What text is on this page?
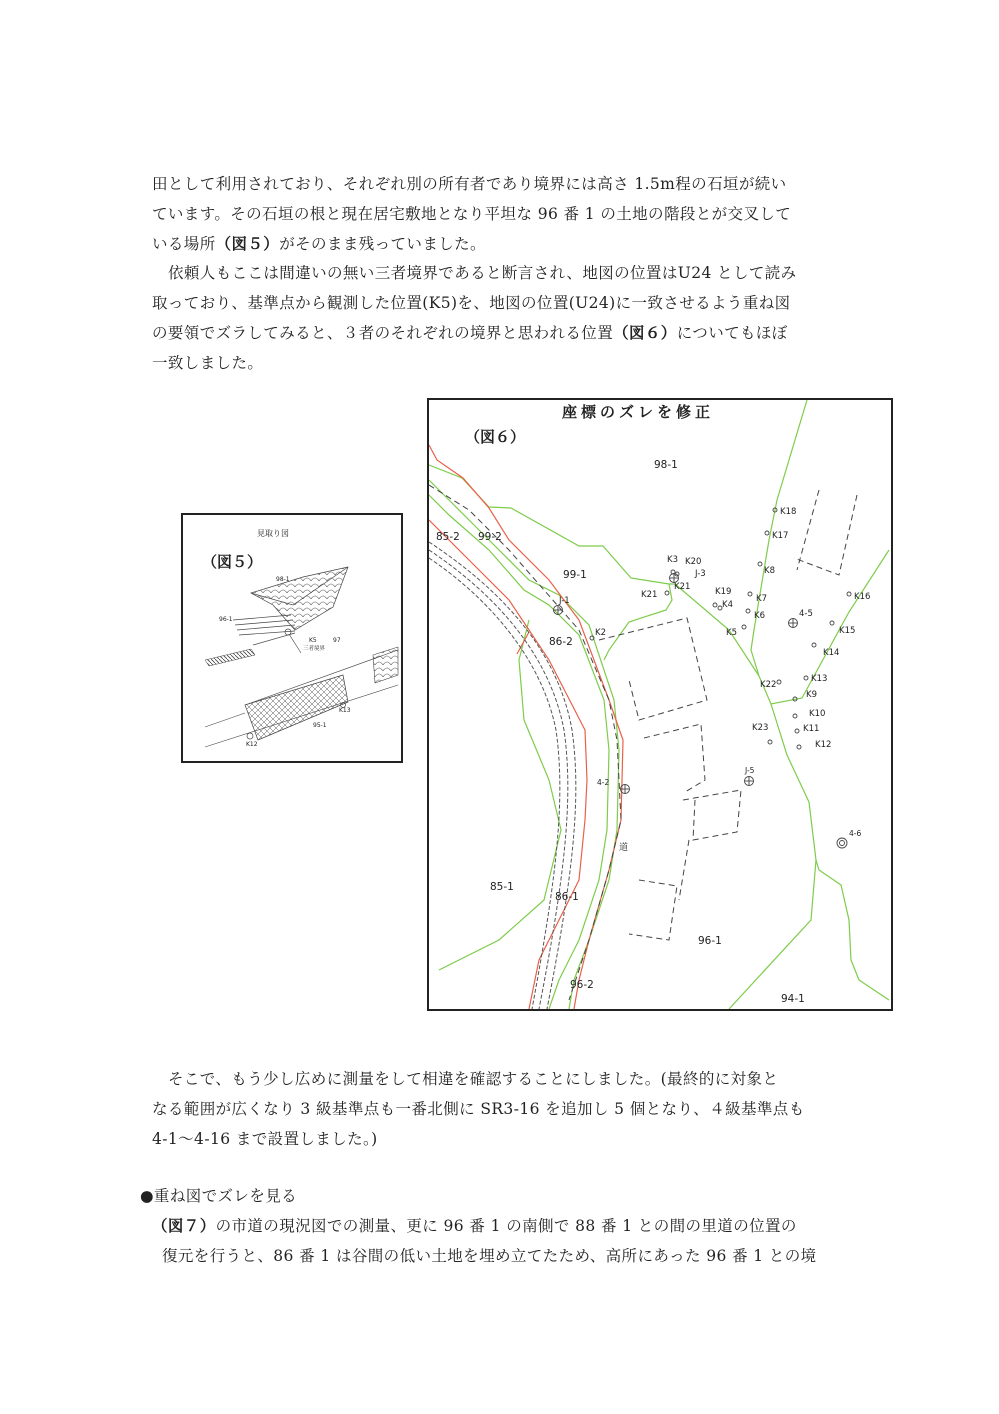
田として利用されており、それぞれ別の所有者であり境界には高さ 1.5m程の石垣が続い
ています。その石垣の根と現在居宅敷地となり平坦な 96 番 1 の土地の階段とが交叉して
いる場所（図５）がそのまま残っていました。
依頼人もここは間違いの無い三者境界であると断言され、地図の位置はU24 として読み
取っており、基準点から観測した位置(K5)を、地図の位置(U24)に一致させるよう重ね図
の要領でズラしてみると、３者のそれぞれの境界と思われる位置（図６）についてもほぼ
一致しました。
見取り図
（図５）
98-1
96-1
97
95-1
K5
K13
K12
三者境界
座標のズレを修正
（図６）
K18
K17
K8
K3 K20
J-3
K21
K21	K19
K4
K7
K6
K5
K16
4-5
K15
K14
K13
K22
K9
K10
K23	K11
K12
J-1
K2
4-2
J-5
4-6
98-1
85-2 99-2
99-1
86-2
85-1
86-1
96-2
96-1
94-1
道
そこで、もう少し広めに測量をして相違を確認することにしました。(最終的に対象と
なる範囲が広くなり 3 級基準点も一番北側に SR3-16 を追加し 5 個となり、４級基準点も
4-1～4-16 まで設置しました。)
●重ね図でズレを見る
（図７）の市道の現況図での測量、更に 96 番 1 の南側で 88 番 1 との間の里道の位置の
復元を行うと、86 番 1 は谷間の低い土地を埋め立てたため、高所にあった 96 番 1 との境
